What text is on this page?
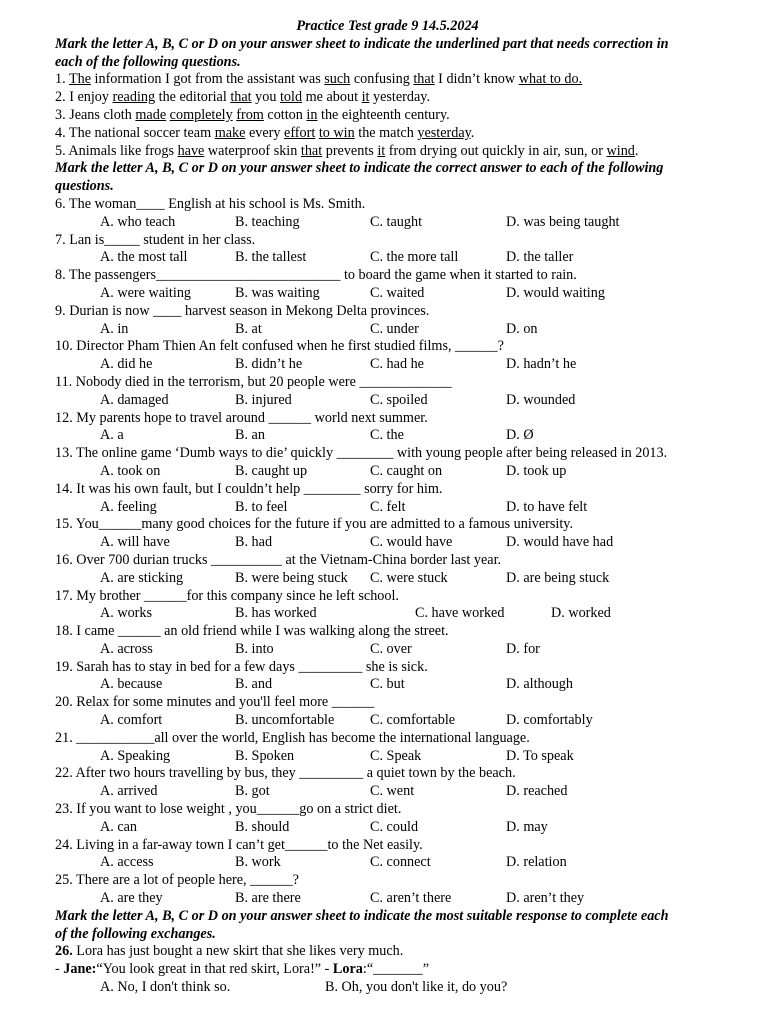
Practice Test grade 9 14.5.2024
Mark the letter A, B, C or D on your answer sheet to indicate the underlined part that needs correction in
each of the following questions.
1. The information I got from the assistant was such confusing that I didn’t know what to do.
2. I enjoy reading the editorial that you told me about it yesterday.
3. Jeans cloth made completely from cotton in the eighteenth century.
4. The national soccer team make every effort to win the match yesterday.
5. Animals like frogs have waterproof skin that prevents it from drying out quickly in air, sun, or wind.
Mark the letter A, B, C or D on your answer sheet to indicate the correct answer to each of the following
questions.
6. The woman____ English at his school is Ms. Smith.
A. who teach	B. teaching	C. taught	D. was being taught
7. Lan is_____ student in her class.
A. the most tall	B. the tallest	C. the more tall	D. the taller
8. The passengers__________________________ to board the game when it started to rain.
A. were waiting	B. was waiting	C. waited	D. would waiting
9. Durian is now ____ harvest season in Mekong Delta provinces.
A. in	B. at	C. under	D. on
10. Director Pham Thien An felt confused when he first studied films, ______?
A. did he	B. didn’t he	C. had he	D. hadn’t he
11. Nobody died in the terrorism, but 20 people were _____________
A. damaged	B. injured	C. spoiled	D. wounded
12. My parents hope to travel around ______ world next summer.
A. a	B. an	C. the	D. Ø
13. The online game ‘Dumb ways to die’ quickly ________ with young people after being released in 2013.
A. took on	B. caught up	C. caught on	D. took up
14. It was his own fault, but I couldn’t help ________ sorry for him.
A. feeling	B. to feel	C. felt	D. to have felt
15. You______many good choices for the future if you are admitted to a famous university.
A. will have	B. had	C. would have	D. would have had
16. Over 700 durian trucks __________ at the Vietnam-China border last year.
A. are sticking	B. were being stuck C. were stuck	D. are being stuck
17. My brother ______for this company since he left school.
A. works	B. has worked	C. have worked	D. worked
18. I came ______ an old friend while I was walking along the street.
A. across	B. into	C. over	D. for
19. Sarah has to stay in bed for a few days _________ she is sick.
A. because	B. and	C. but	D. although
20. Relax for some minutes and you'll feel more ______
A. comfort	B. uncomfortable	C. comfortable	D. comfortably
21. ___________all over the world, English has become the international language.
A. Speaking	B. Spoken	C. Speak	D. To speak
22. After two hours travelling by bus, they _________ a quiet town by the beach.
A. arrived	B. got	C. went	D. reached
23. If you want to lose weight , you______go on a strict diet.
A. can	B. should	C. could	D. may
24. Living in a far-away town I can’t get______to the Net easily.
A. access	B. work	C. connect	D. relation
25. There are a lot of people here, ______?
A. are they	B. are there	C. aren’t there	D. aren’t they
Mark the letter A, B, C or D on your answer sheet to indicate the most suitable response to complete each
of the following exchanges.
26. Lora has just bought a new skirt that she likes very much.
- Jane:“You look great in that red skirt, Lora!” - Lora:“_______”
A. No, I don't think so.	B. Oh, you don't like it, do you?
